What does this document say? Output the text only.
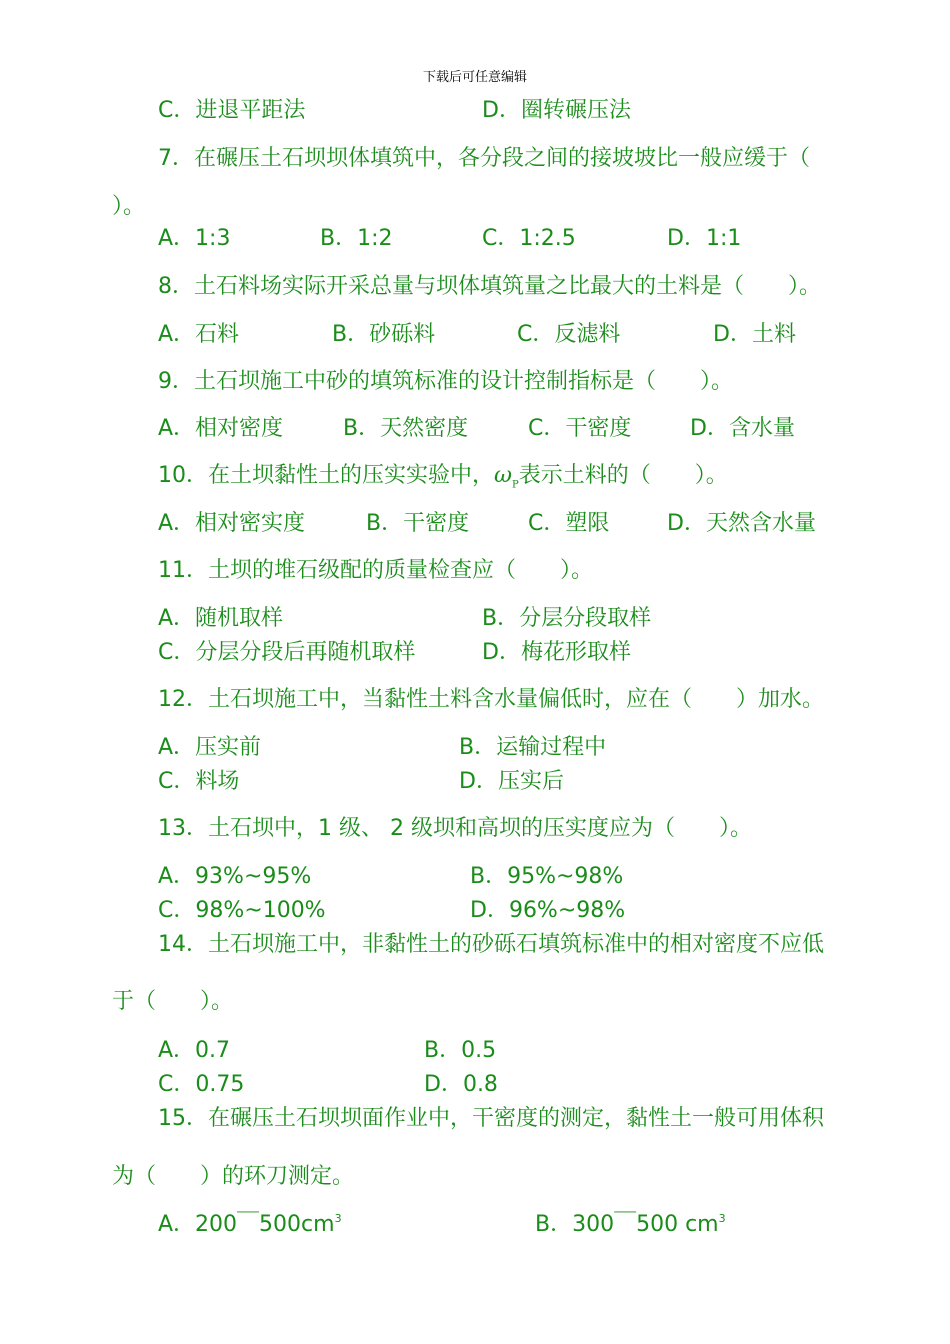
下载后可任意编辑
C．进退平距法	D．圈转碾压法
7．在碾压土石坝坝体填筑中，各分段之间的接坡坡比一般应缓于（
）。
A．1:3	B．1:2	C．1:2.5	D．1:1
8．土石料场实际开采总量与坝体填筑量之比最大的土料是（　　）。
A．石料	B．砂砾料	C．反滤料	D．土料
9．土石坝施工中砂的填筑标准的设计控制指标是（　　）。
A．相对密度	B．天然密度	C．干密度	D．含水量
10．在土坝黏性土的压实实验中，$\omega_P$表示土料的（　　）。
A．相对密实度	B．干密度	C．塑限	D．天然含水量
11．土坝的堆石级配的质量检查应（　　）。
A．随机取样	B．分层分段取样
C．分层分段后再随机取样	D．梅花形取样
12．土石坝施工中，当黏性土料含水量偏低时，应在（　　）加水。
A．压实前	B．运输过程中
C．料场	D．压实后
13．土石坝中，1 级、 2 级坝和高坝的压实度应为（　　）。
A．93%~95%	B．95%~98%
C．98%~100%	D．96%~98%
14．土石坝施工中，非黏性土的砂砾石填筑标准中的相对密度不应低
于（　　）。
A．0.7	B．0.5
C．0.75	D．0.8
15．在碾压土石坝坝面作业中，干密度的测定，黏性土一般可用体积
为（　　）的环刀测定。
A．200￣$500cm^3$	B．300￣500 $cm^3$
